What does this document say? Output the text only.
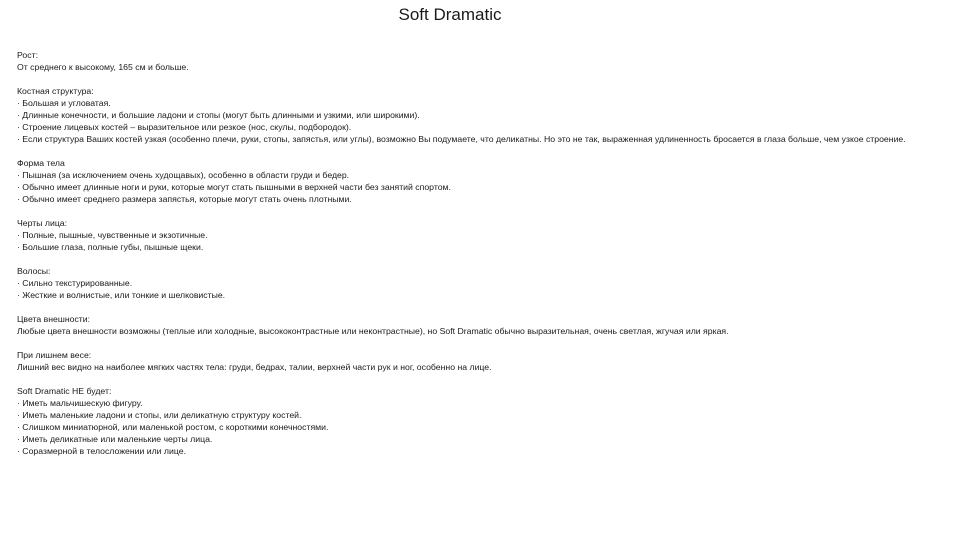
Soft Dramatic
Рост:
От среднего к высокому, 165 см и больше.
Костная структура:
· Большая и угловатая.
· Длинные конечности, и большие ладони и стопы (могут быть длинными и узкими, или широкими).
· Строение лицевых костей – выразительное или резкое (нос, скулы, подбородок).
· Если структура Ваших костей узкая (особенно плечи, руки, стопы, запястья, или углы), возможно Вы подумаете, что деликатны. Но это не так, выраженная удлиненность бросается в глаза больше, чем узкое строение.
Форма тела
· Пышная (за исключением очень худощавых), особенно в области груди и бедер.
· Обычно имеет длинные ноги и руки, которые могут стать пышными в верхней части без занятий спортом.
· Обычно имеет среднего размера запястья, которые могут стать очень плотными.
Черты лица:
· Полные, пышные, чувственные и экзотичные.
· Большие глаза, полные губы, пышные щеки.
Волосы:
· Сильно текстурированные.
· Жесткие и волнистые, или тонкие и шелковистые.
Цвета внешности:
Любые цвета внешности возможны (теплые или холодные, высококонтрастные или неконтрастные), но Soft Dramatic обычно выразительная, очень светлая, жгучая или яркая.
При лишнем весе:
Лишний вес видно на наиболее мягких частях тела: груди, бедрах, талии, верхней части рук и ног, особенно на лице.
Soft Dramatic НЕ будет:
· Иметь мальчишескую фигуру.
· Иметь маленькие ладони и стопы, или деликатную структуру костей.
· Слишком миниатюрной, или маленькой ростом, с короткими конечностями.
· Иметь деликатные или маленькие черты лица.
· Соразмерной в телосложении или лице.
